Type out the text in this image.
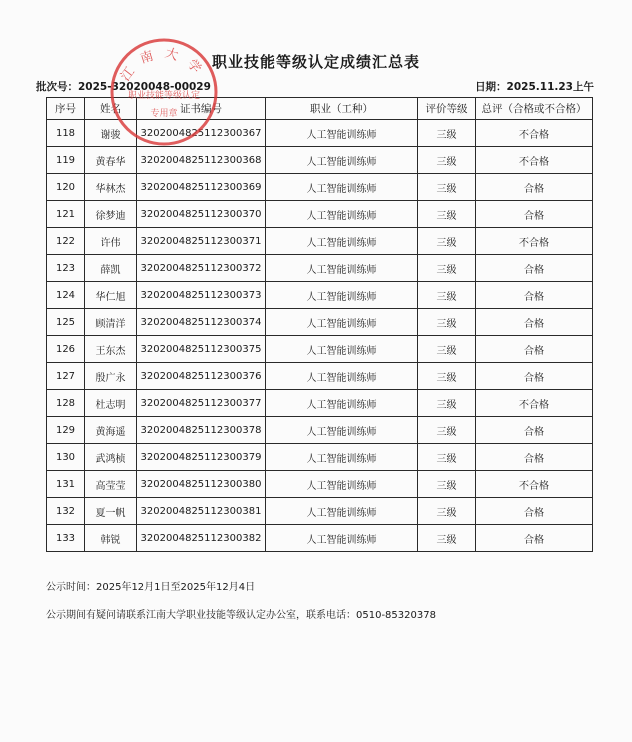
职业技能等级认定成绩汇总表
批次号：2025-32020048-00029	日期：2025.11.23上午
序号	姓名	证书编号	职业（工种）	评价等级	总评（合格或不合格）
118	谢骏	3202004825112300367	人工智能训练师	三级	不合格
119	黄春华	3202004825112300368	人工智能训练师	三级	不合格
120	华林杰	3202004825112300369	人工智能训练师	三级	合格
121	徐梦迪	3202004825112300370	人工智能训练师	三级	合格
122	许伟	3202004825112300371	人工智能训练师	三级	不合格
123	薛凯	3202004825112300372	人工智能训练师	三级	合格
124	华仁旭	3202004825112300373	人工智能训练师	三级	合格
125	顾清洋	3202004825112300374	人工智能训练师	三级	合格
126	王东杰	3202004825112300375	人工智能训练师	三级	合格
127	殷广永	3202004825112300376	人工智能训练师	三级	合格
128	杜志明	3202004825112300377	人工智能训练师	三级	不合格
129	黄海遥	3202004825112300378	人工智能训练师	三级	合格
130	武鸿桢	3202004825112300379	人工智能训练师	三级	合格
131	高莹莹	3202004825112300380	人工智能训练师	三级	不合格
132	夏一帆	3202004825112300381	人工智能训练师	三级	合格
133	韩锐	3202004825112300382	人工智能训练师	三级	合格
公示时间：2025年12月1日至2025年12月4日
公示期间有疑问请联系江南大学职业技能等级认定办公室，联系电话：0510-85320378
江南大学
职业技能等级认定
专用章
